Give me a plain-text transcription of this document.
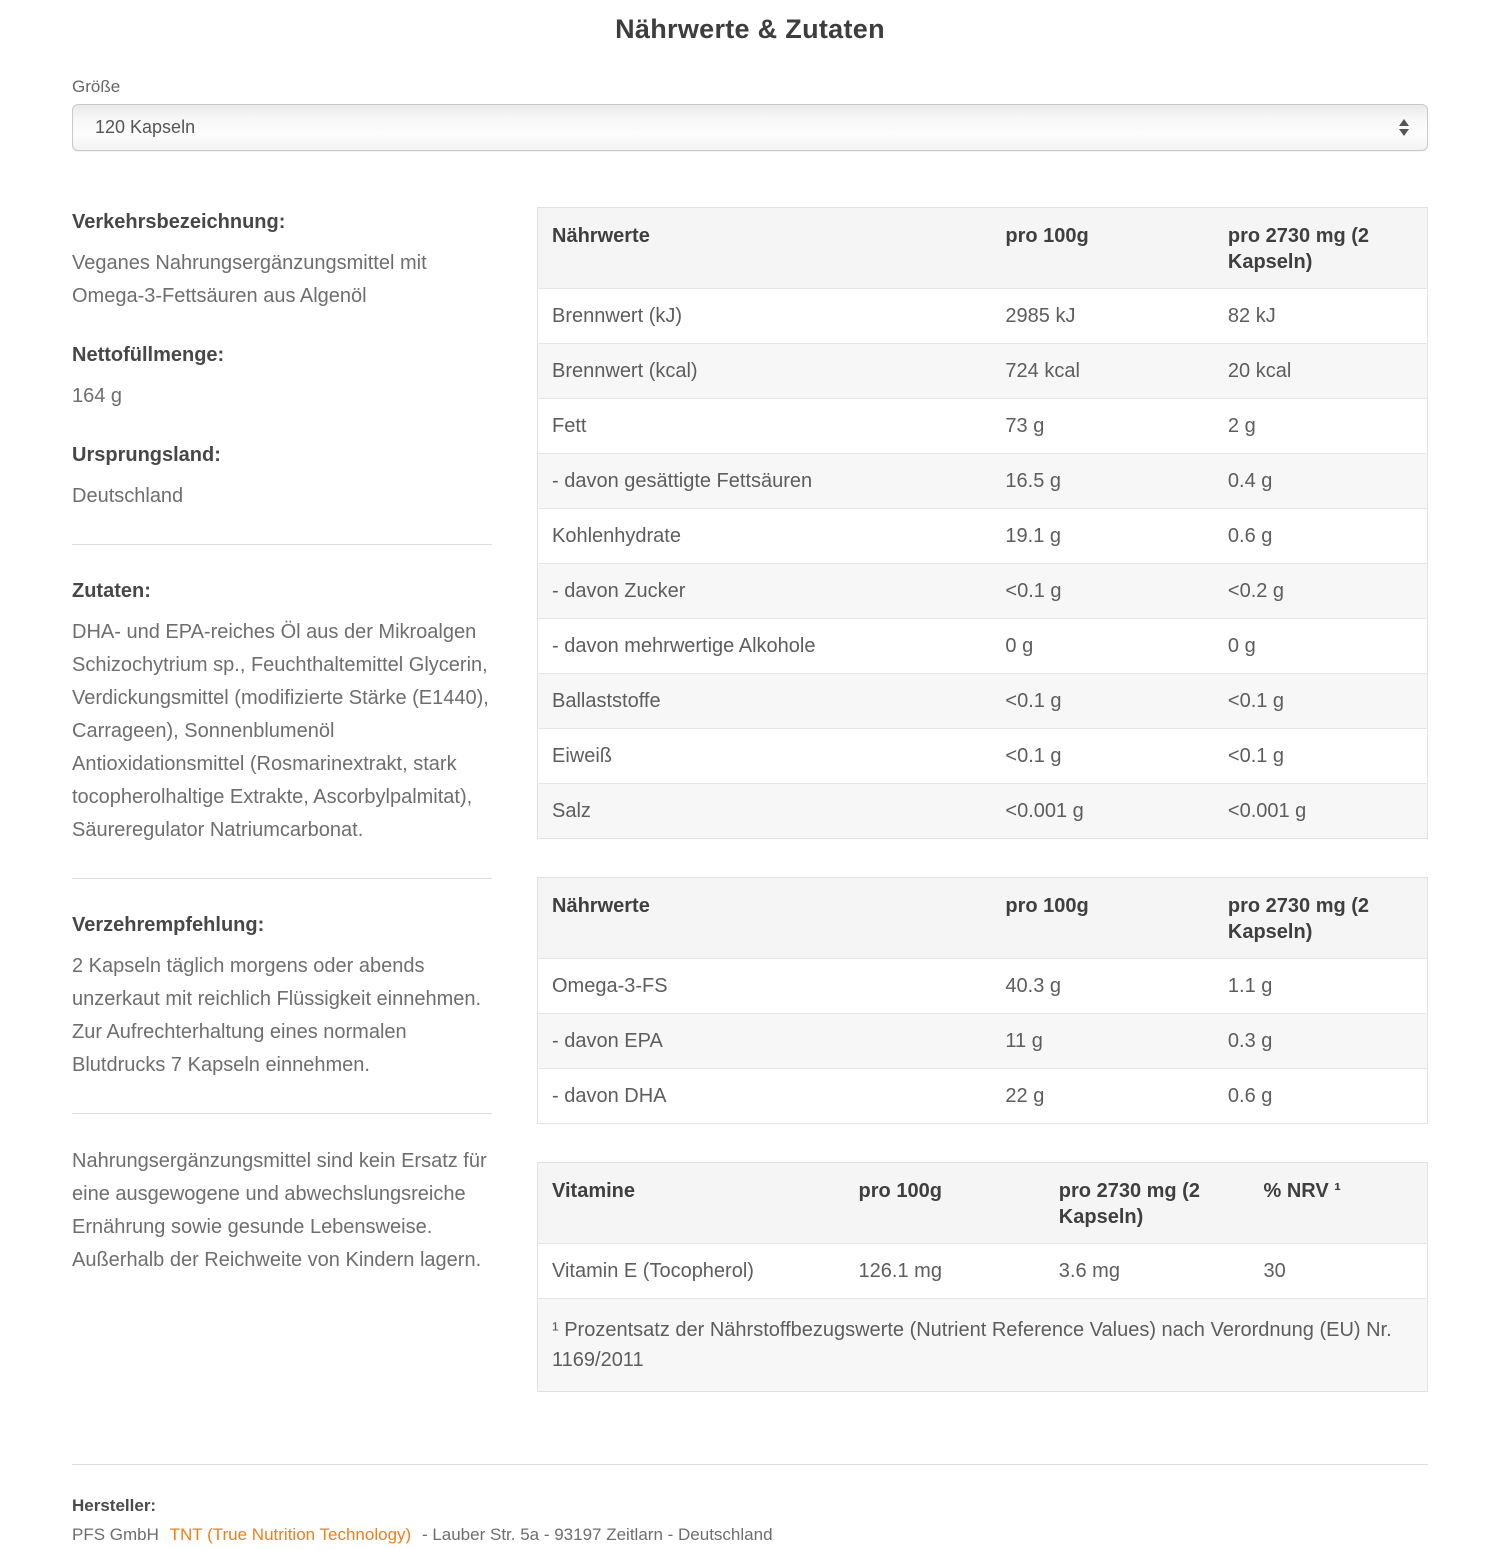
Nährwerte & Zutaten
Größe
120 Kapseln
Verkehrsbezeichnung:

Veganes Nahrungsergänzungsmittel mit Omega-3-Fettsäuren aus Algenöl

Nettofüllmenge:

164 g

Ursprungsland:

Deutschland

Zutaten:

DHA- und EPA-reiches Öl aus der Mikroalgen Schizochytrium sp., Feuchthaltemittel Glycerin, Verdickungsmittel (modifizierte Stärke (E1440), Carrageen), Sonnenblumenöl Antioxidationsmittel (Rosmarinextrakt, stark tocopherolhaltige Extrakte, Ascorbylpalmitat), Säureregulator Natriumcarbonat.

Verzehrempfehlung:

2 Kapseln täglich morgens oder abends unzerkaut mit reichlich Flüssigkeit einnehmen. Zur Aufrechterhaltung eines normalen Blutdrucks 7 Kapseln einnehmen.

Nahrungsergänzungsmittel sind kein Ersatz für eine ausgewogene und abwechslungsreiche Ernährung sowie gesunde Lebensweise. Außerhalb der Reichweite von Kindern lagern.

Nährwerte	pro 100g	pro 2730 mg (2 Kapseln)
Brennwert (kJ)	2985 kJ	82 kJ
Brennwert (kcal)	724 kcal	20 kcal
Fett	73 g	2 g
- davon gesättigte Fettsäuren	16.5 g	0.4 g
Kohlenhydrate	19.1 g	0.6 g
- davon Zucker	<0.1 g	<0.2 g
- davon mehrwertige Alkohole	0 g	0 g
Ballaststoffe	<0.1 g	<0.1 g
Eiweiß	<0.1 g	<0.1 g
Salz	<0.001 g	<0.001 g
Nährwerte	pro 100g	pro 2730 mg (2 Kapseln)
Omega-3-FS	40.3 g	1.1 g
- davon EPA	11 g	0.3 g
- davon DHA	22 g	0.6 g
Vitamine	pro 100g	pro 2730 mg (2 Kapseln)	% NRV ¹
Vitamin E (Tocopherol)	126.1 mg	3.6 mg	30
¹ Prozentsatz der Nährstoffbezugswerte (Nutrient Reference Values) nach Verordnung (EU) Nr. 1169/2011			
Hersteller:
PFS GmbH TNT (True Nutrition Technology) - Lauber Str. 5a - 93197 Zeitlarn - Deutschland
